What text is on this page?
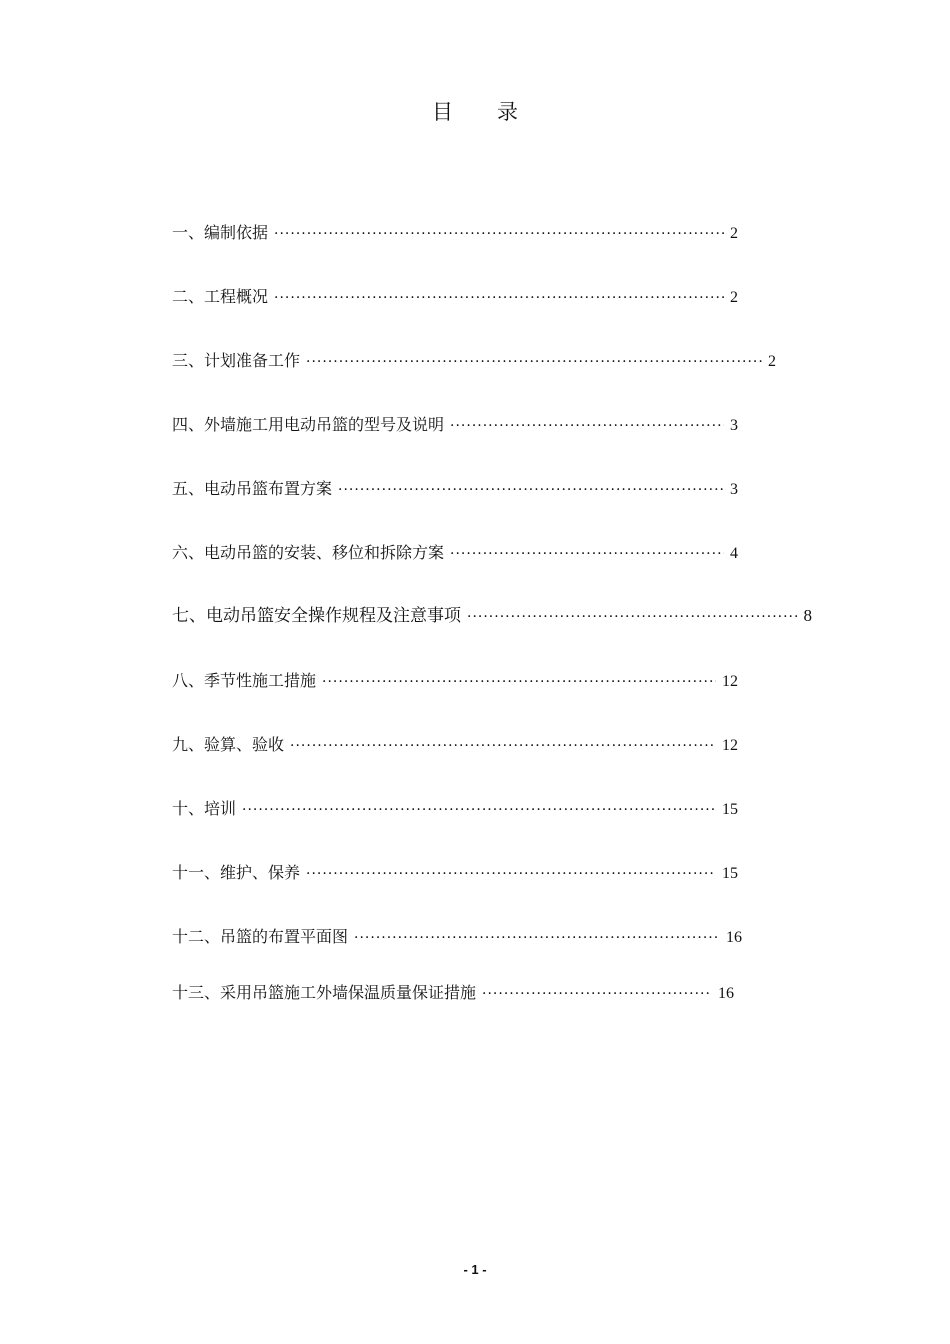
目录
一、编制依据 ·····	2
二、工程概况 ·····	2
三、计划准备工作 ·····	2
四、外墙施工用电动吊篮的型号及说明 ·····	3
五、电动吊篮布置方案 ·····	3
六、电动吊篮的安装、移位和拆除方案 ·····	4
七、电动吊篮安全操作规程及注意事项 ·····	8
八、季节性施工措施 ·····	12
九、验算、验收 ·····	12
十、培训 ·····	15
十一、维护、保养 ·····	15
十二、吊篮的布置平面图 ·····	16
十三、采用吊篮施工外墙保温质量保证措施 ·····	16
- 1 -
